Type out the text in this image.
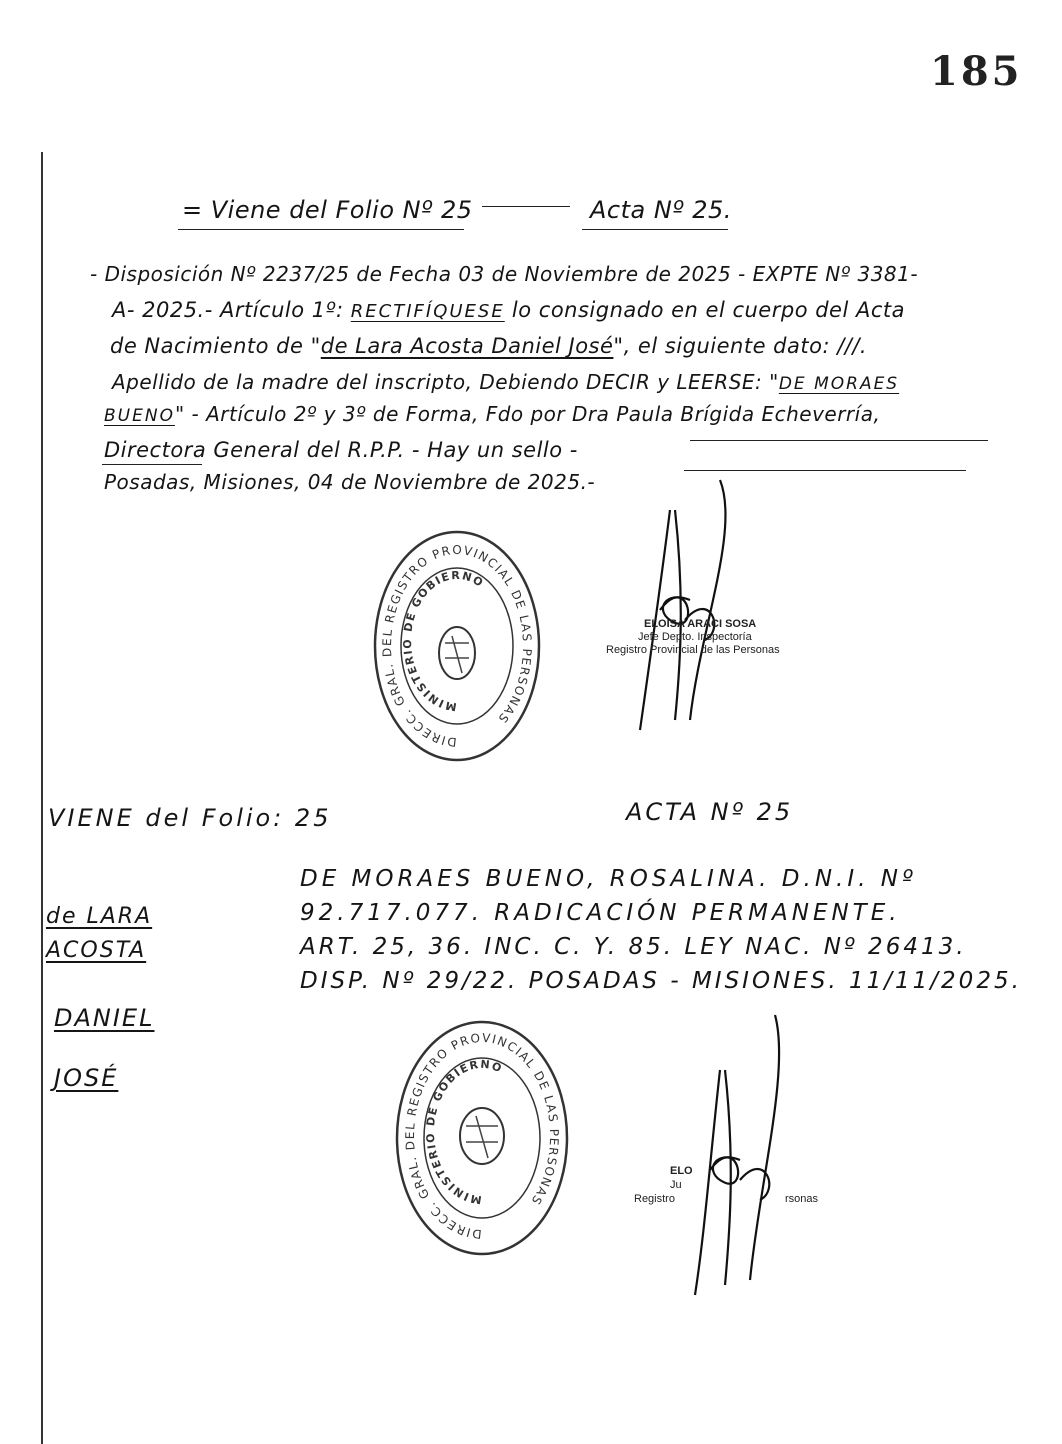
185
= Viene del Folio Nº 25	Acta Nº 25.
- Disposición Nº 2237/25 de Fecha 03 de Noviembre de 2025 - EXPTE Nº 3381-
A- 2025.- Artículo 1º: RECTIFÍQUESE lo consignado en el cuerpo del Acta
de Nacimiento de "de Lara Acosta Daniel José", el siguiente dato: ///.
Apellido de la madre del inscripto, Debiendo DECIR y LEERSE: "DE MORAES
BUENO" - Artículo 2º y 3º de Forma, Fdo por Dra Paula Brígida Echeverría,
Directora General del R.P.P. - Hay un sello -
Posadas, Misiones, 04 de Noviembre de 2025.-
DIRECC. GRAL. DEL REGISTRO PROVINCIAL DE LAS PERSONAS
MINISTERIO DE GOBIERNO
ELOISA ARACI SOSA
Jefe Depto. Inspectoría
Registro Provincial de las Personas
VIENE del Folio: 25	ACTA Nº 25
de LARA
ACOSTA
DANIEL
JOSÉ
DE MORAES BUENO, ROSALINA. D.N.I. Nº
92.717.077. RADICACIÓN PERMANENTE.
ART. 25, 36. INC. C. Y. 85. LEY NAC. Nº 26413.
DISP. Nº 29/22. POSADAS - MISIONES. 11/11/2025.
DIRECC. GRAL. DEL REGISTRO PROVINCIAL DE LAS PERSONAS
MINISTERIO DE GOBIERNO
ELO
Ju
Registro	rsonas
